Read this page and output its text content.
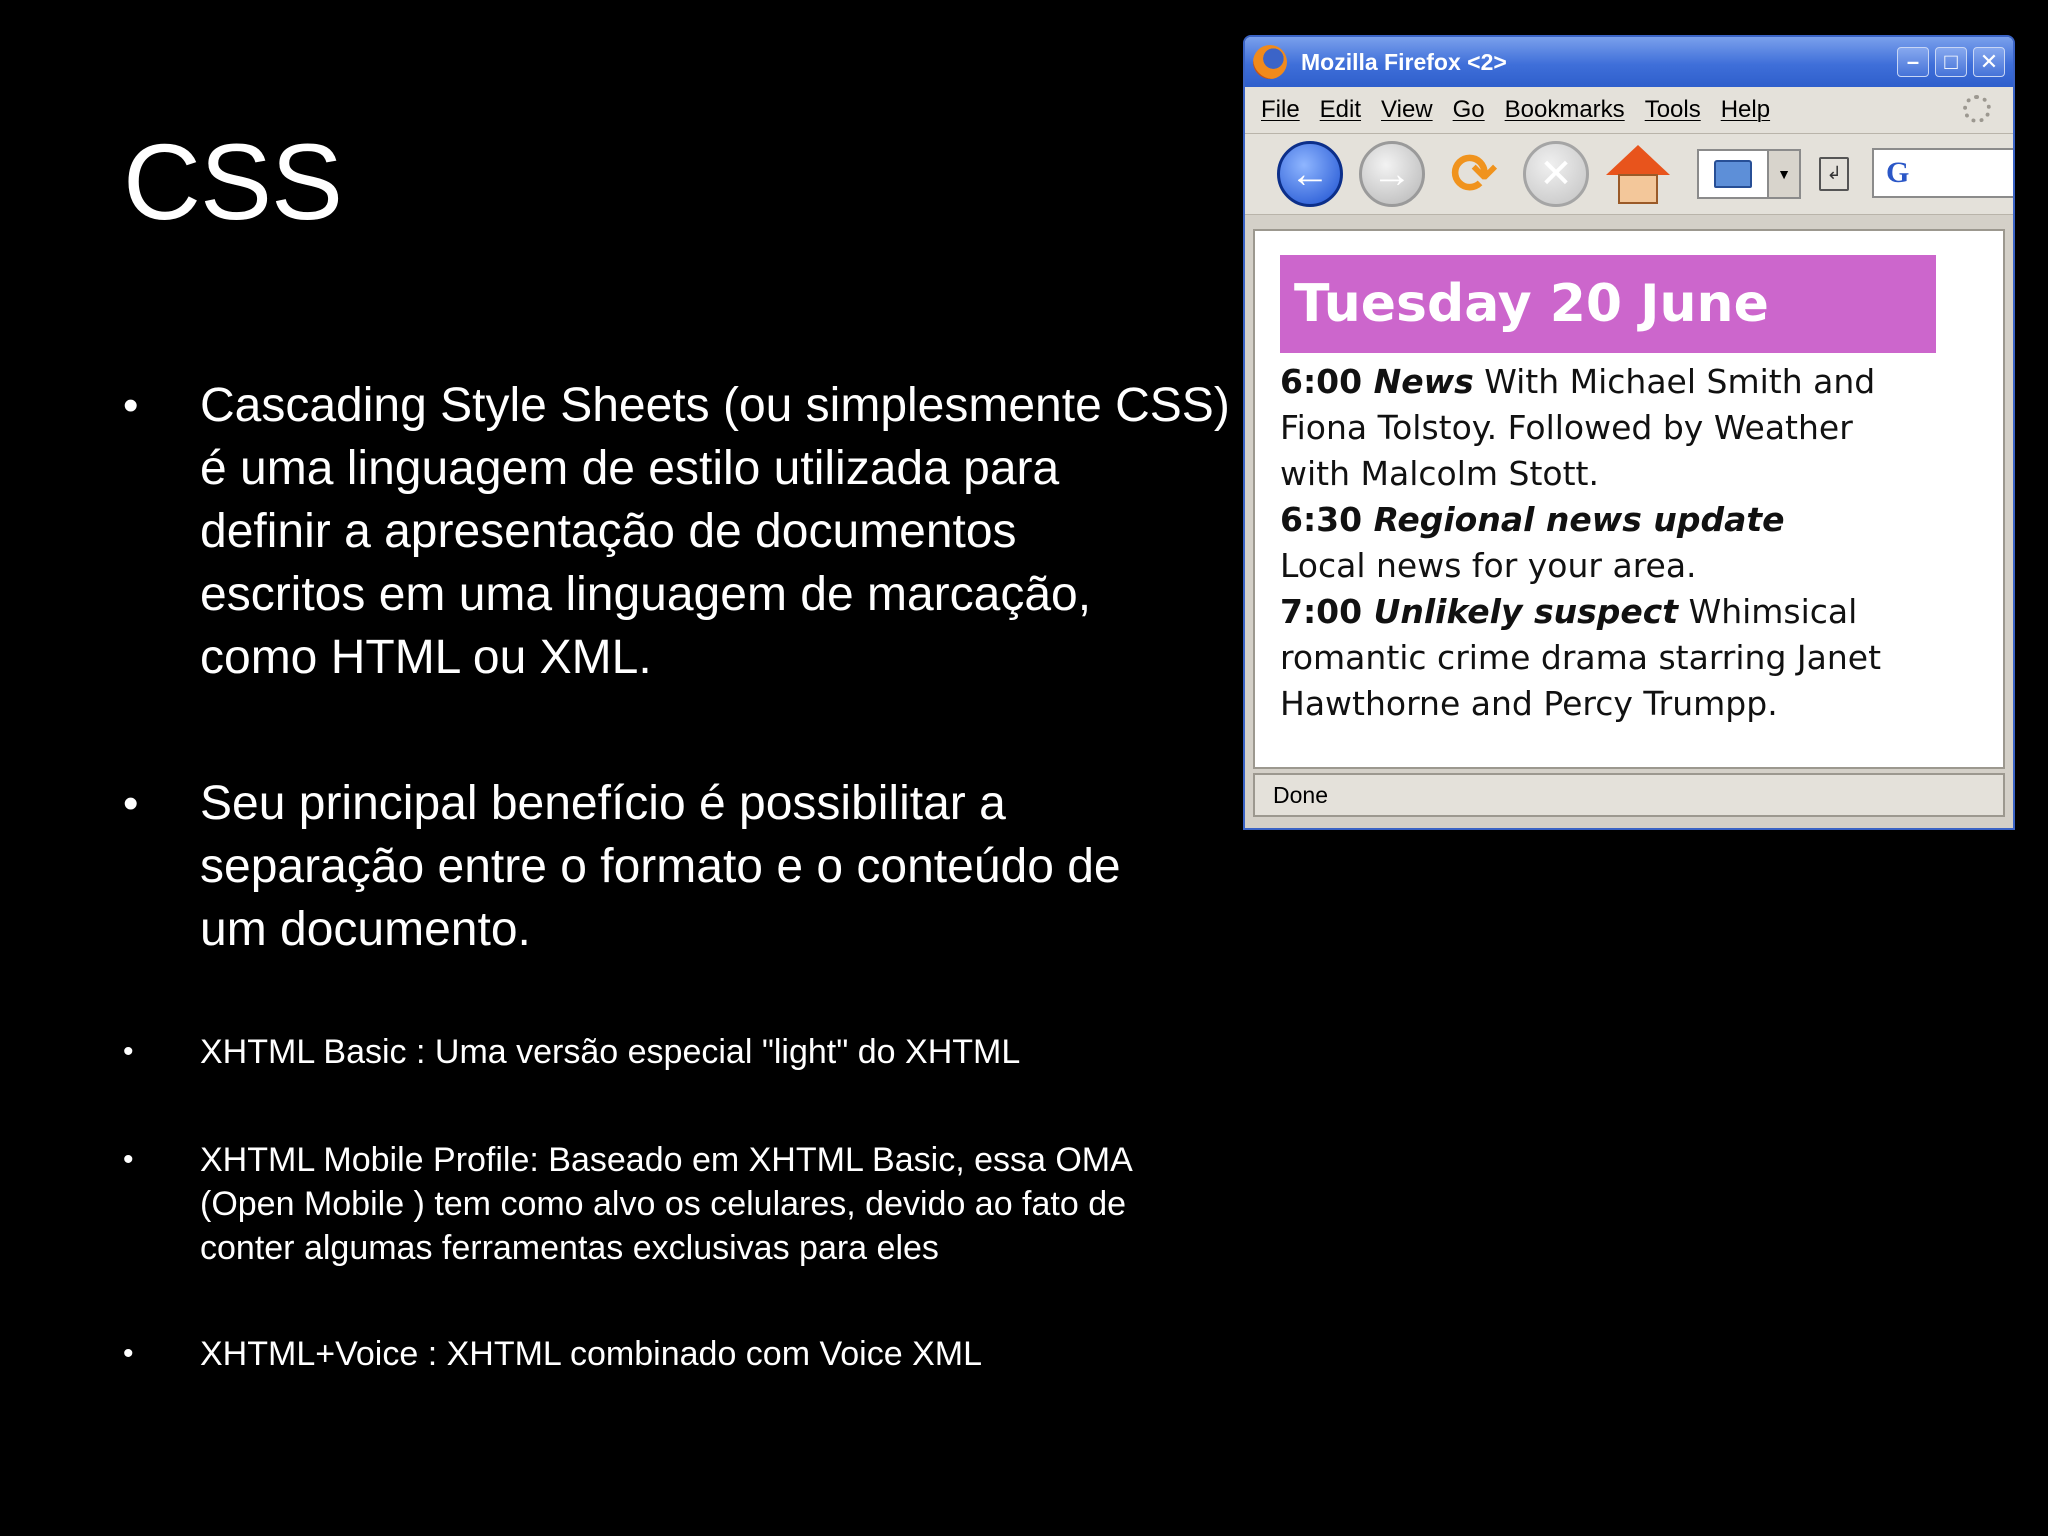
CSS
• Cascading Style Sheets (ou simplesmente CSS)
é uma linguagem de estilo utilizada para
definir a apresentação de documentos
escritos em uma linguagem de marcação,
como HTML ou XML.
• Seu principal benefício é possibilitar a
separação entre o formato e o conteúdo de
um documento.
• XHTML Basic : Uma versão especial "light" do XHTML
• XHTML Mobile Profile: Baseado em XHTML Basic, essa OMA
(Open Mobile ) tem como alvo os celulares, devido ao fato de
conter algumas ferramentas exclusivas para eles
• XHTML+Voice : XHTML combinado com Voice XML
Mozilla Firefox <2>	–	□	✕
File Edit View Go Bookmarks Tools Help
←	→ ⟳	✕	▼	↲ G
Tuesday 20 June
6:00 News With Michael Smith and
Fiona Tolstoy. Followed by Weather
with Malcolm Stott.
6:30 Regional news update
Local news for your area.
7:00 Unlikely suspect Whimsical
romantic crime drama starring Janet
Hawthorne and Percy Trumpp.
Done
